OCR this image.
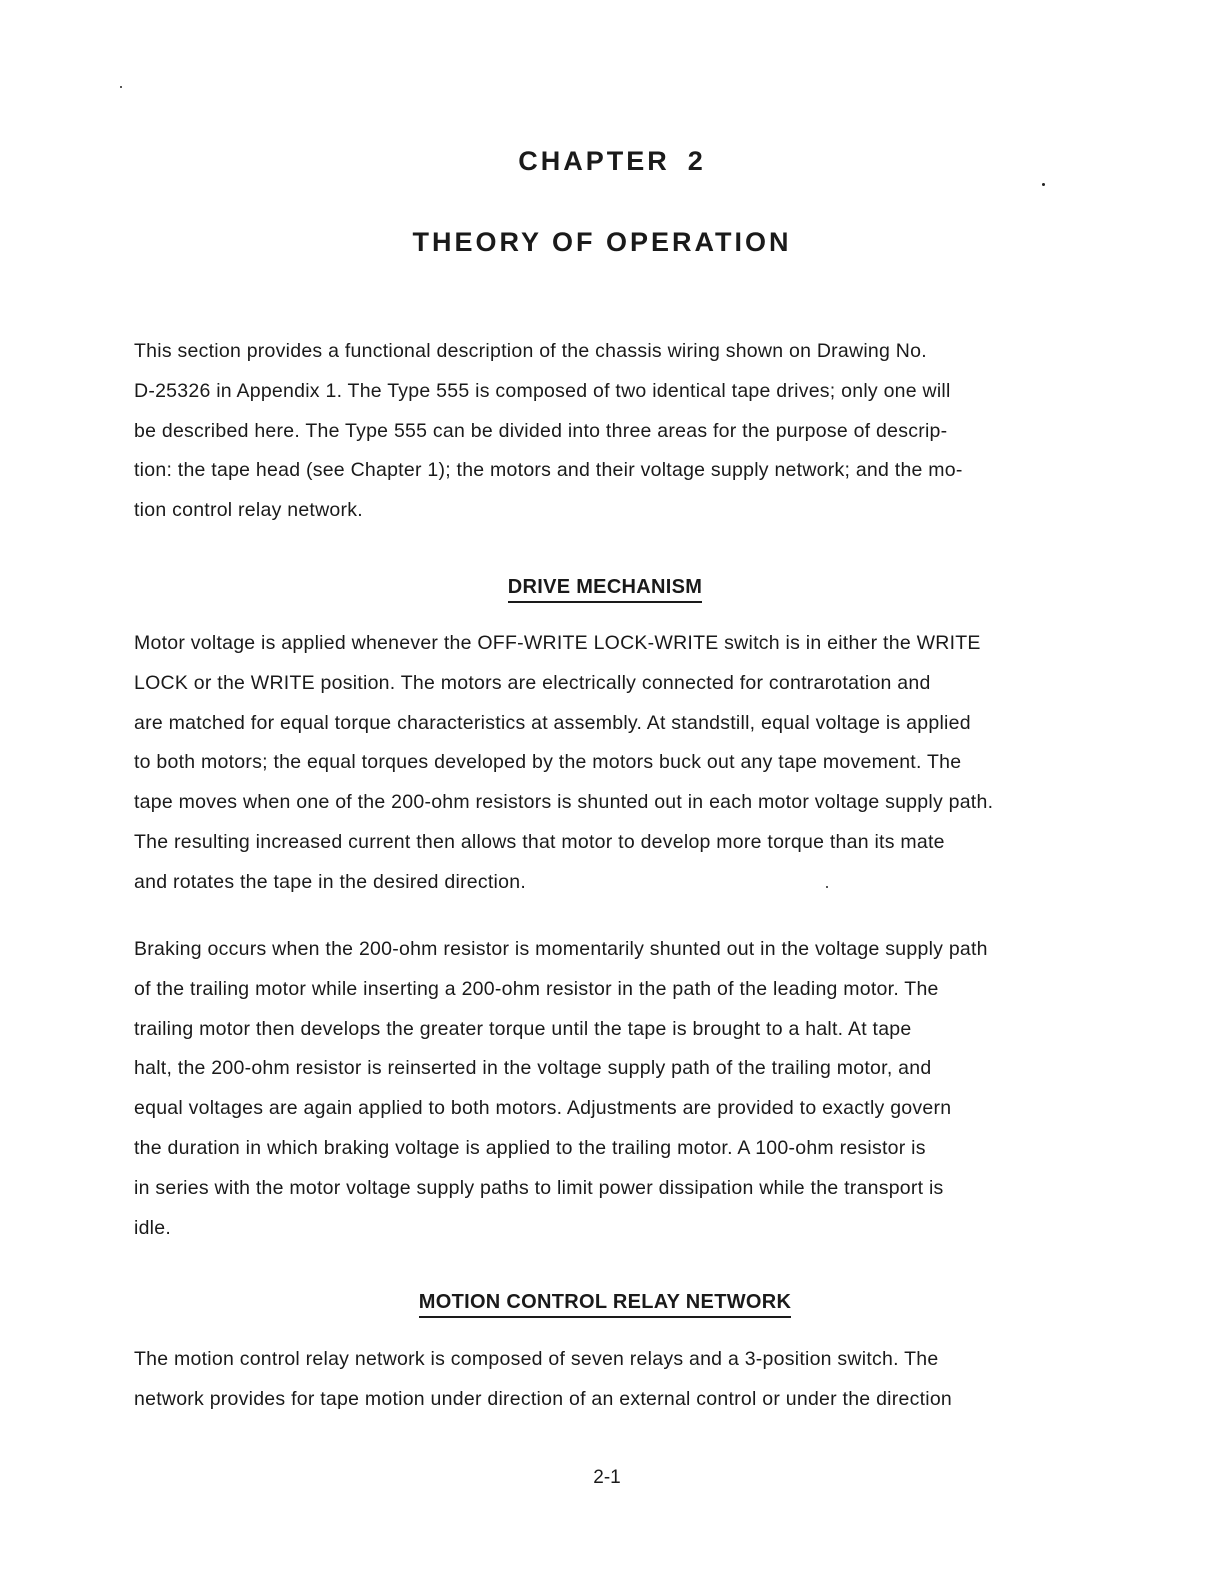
CHAPTER 2
THEORY OF OPERATION

This section provides a functional description of the chassis wiring shown on Drawing No.
D-25326 in Appendix 1. The Type 555 is composed of two identical tape drives; only one will
be described here. The Type 555 can be divided into three areas for the purpose of descrip-
tion: the tape head (see Chapter 1); the motors and their voltage supply network; and the mo-
tion control relay network.

DRIVE MECHANISM

Motor voltage is applied whenever the OFF-WRITE LOCK-WRITE switch is in either the WRITE
LOCK or the WRITE position. The motors are electrically connected for contrarotation and
are matched for equal torque characteristics at assembly. At standstill, equal voltage is applied
to both motors; the equal torques developed by the motors buck out any tape movement. The
tape moves when one of the 200-ohm resistors is shunted out in each motor voltage supply path.
The resulting increased current then allows that motor to develop more torque than its mate
and rotates the tape in the desired direction.

Braking occurs when the 200-ohm resistor is momentarily shunted out in the voltage supply path
of the trailing motor while inserting a 200-ohm resistor in the path of the leading motor. The
trailing motor then develops the greater torque until the tape is brought to a halt. At tape
halt, the 200-ohm resistor is reinserted in the voltage supply path of the trailing motor, and
equal voltages are again applied to both motors. Adjustments are provided to exactly govern
the duration in which braking voltage is applied to the trailing motor. A 100-ohm resistor is
in series with the motor voltage supply paths to limit power dissipation while the transport is
idle.

MOTION CONTROL RELAY NETWORK

The motion control relay network is composed of seven relays and a 3-position switch. The
network provides for tape motion under direction of an external control or under the direction

2-1
